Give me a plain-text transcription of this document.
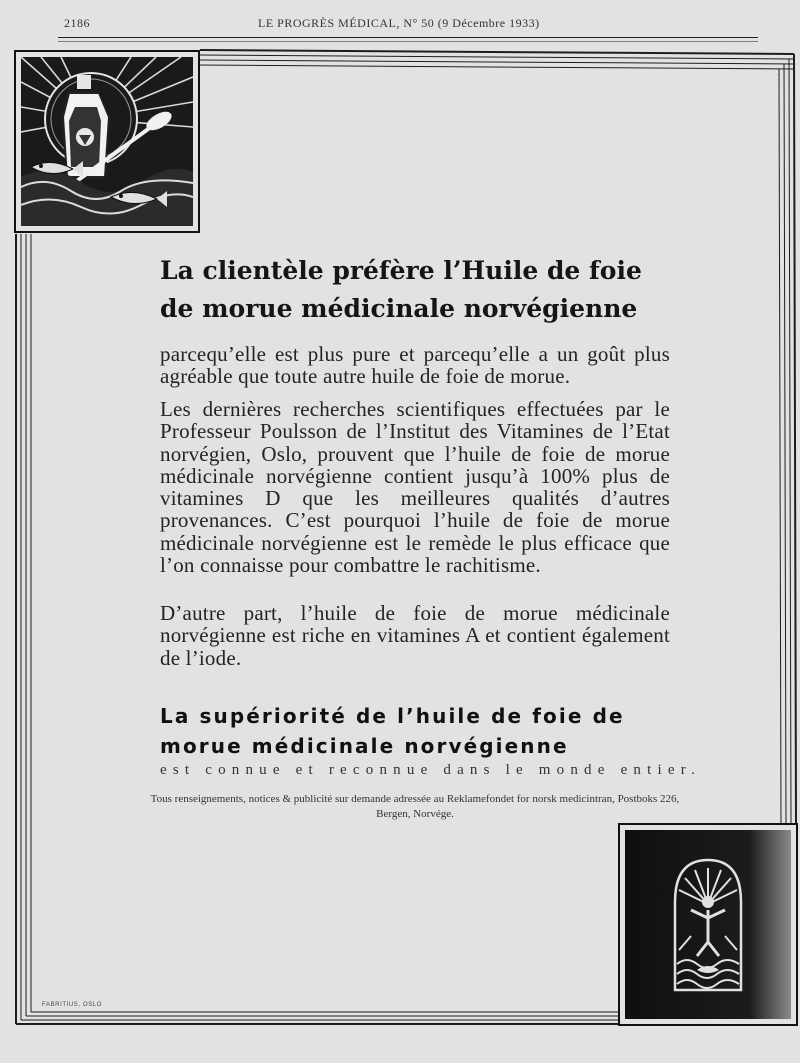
2186	LE PROGRÈS MÉDICAL, N° 50 (9 Décembre 1933)
La clientèle préfère l’Huile de foie de morue médicinale norvégienne

parcequ’elle est plus pure et parcequ’elle a un goût plus agréable que toute autre huile de foie de morue.

Les dernières recherches scientifiques effectuées par le Professeur Poulsson de l’Institut des Vitamines de l’Etat norvégien, Oslo, prouvent que l’huile de foie de morue médicinale norvégienne contient jusqu’à 100% plus de vitamines D que les meilleures qualités d’autres provenances. C’est pourquoi l’huile de foie de morue médicinale norvégienne est le remède le plus efficace que l’on connaisse pour combattre le rachitisme.

D’autre part, l’huile de foie de morue médicinale norvégienne est riche en vitamines A et contient également de l’iode.

La supériorité de l’huile de foie de morue médicinale norvégienne

est connue et reconnue dans le monde entier.

Tous renseignements, notices & publicité sur demande adressée au Reklamefondet for norsk medicintran, Postboks 226, Bergen, Norvége.

FABRITIUS, OSLO
1
